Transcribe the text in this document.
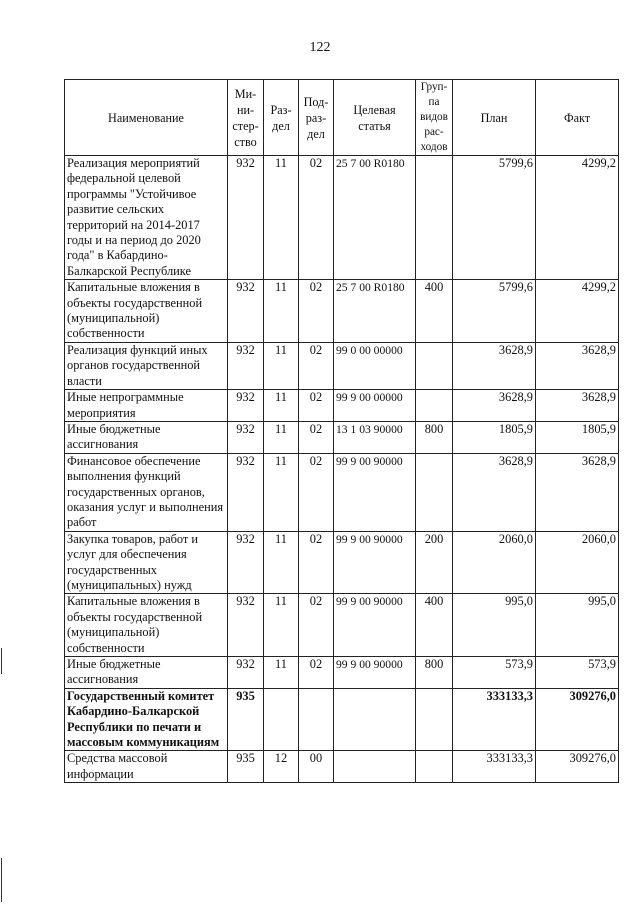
122
Наименование	Ми-
ни-
стер-
ство	Раз-
дел	Под-
раз-
дел	Целевая
статья	Груп-
па
видов
рас-
ходов	План	Факт
Реализация мероприятий федеральной целевой программы "Устойчивое развитие сельских территорий на 2014-2017 годы и на период до 2020 года" в Кабардино-Балкарской Республике	932	11	02	25 7 00 R0180		5799,6	4299,2
Капитальные вложения в объекты государственной (муниципальной) собственности	932	11	02	25 7 00 R0180	400	5799,6	4299,2
Реализация функций иных органов государственной власти	932	11	02	99 0 00 00000		3628,9	3628,9
Иные непрограммные мероприятия	932	11	02	99 9 00 00000		3628,9	3628,9
Иные бюджетные ассигнования	932	11	02	13 1 03 90000	800	1805,9	1805,9
Финансовое обеспечение выполнения функций государственных органов, оказания услуг и выполнения работ	932	11	02	99 9 00 90000		3628,9	3628,9
Закупка товаров, работ и услуг для обеспечения государственных (муниципальных) нужд	932	11	02	99 9 00 90000	200	2060,0	2060,0
Капитальные вложения в объекты государственной (муниципальной) собственности	932	11	02	99 9 00 90000	400	995,0	995,0
Иные бюджетные ассигнования	932	11	02	99 9 00 90000	800	573,9	573,9
Государственный комитет Кабардино-Балкарской Республики по печати и массовым коммуникациям	935					333133,3	309276,0
Средства массовой информации	935	12	00			333133,3	309276,0
